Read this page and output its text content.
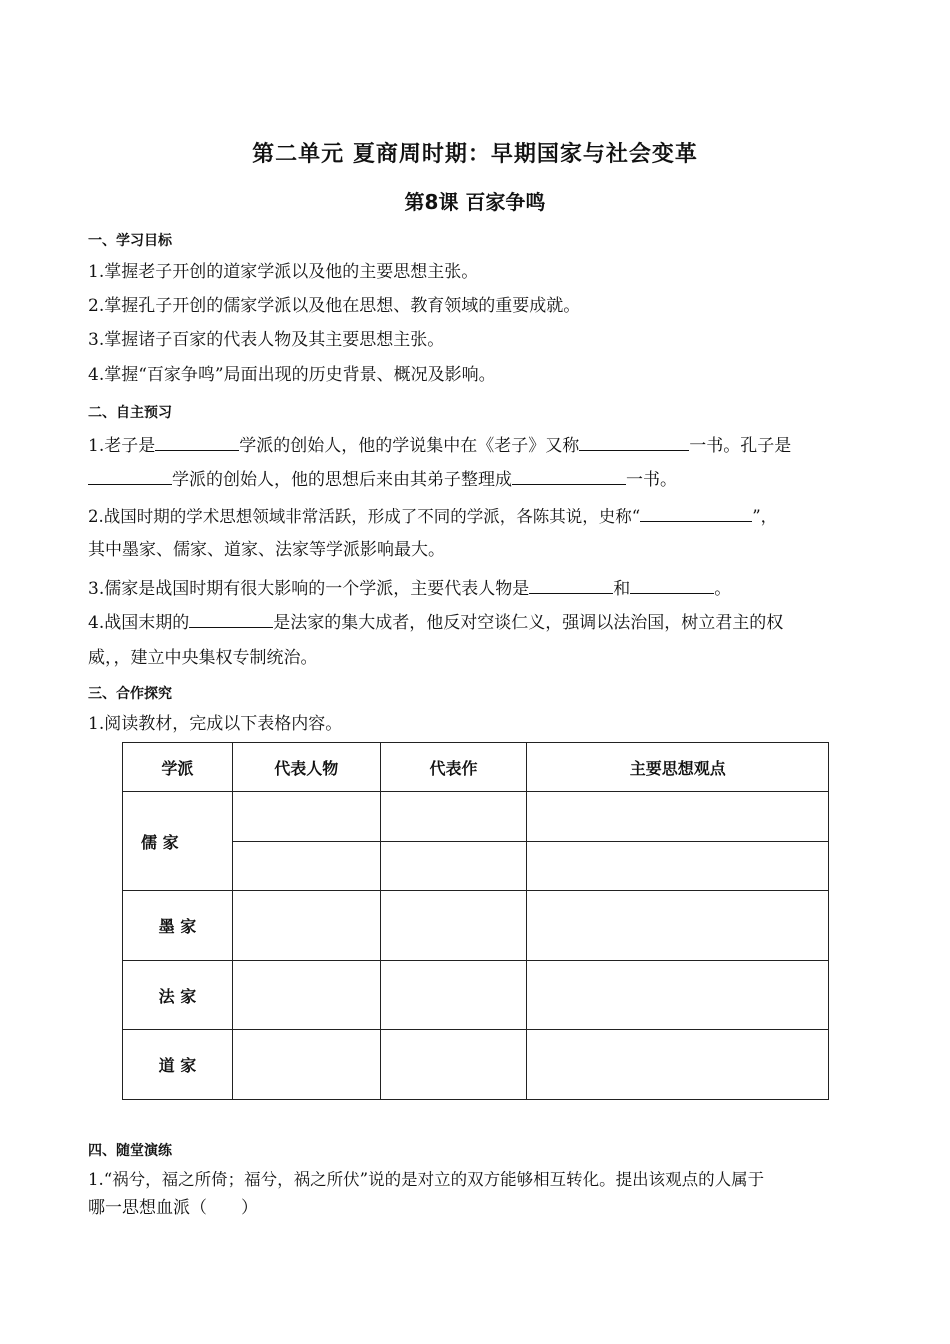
第二单元 夏商周时期：早期国家与社会变革
第8课 百家争鸣
一、学习目标
1.掌握老子开创的道家学派以及他的主要思想主张。
2.掌握孔子开创的儒家学派以及他在思想、教育领域的重要成就。
3.掌握诸子百家的代表人物及其主要思想主张。
4.掌握“百家争鸣”局面出现的历史背景、概况及影响。
二、自主预习
1.老子是	学派的创始人，他的学说集中在《老子》又称	一书。孔子是
学派的创始人，他的思想后来由其弟子整理成	一书。
2.战国时期的学术思想领域非常活跃，形成了不同的学派，各陈其说，史称“	”，
其中墨家、儒家、道家、法家等学派影响最大。
3.儒家是战国时期有很大影响的一个学派，主要代表人物是	和	。
4.战国末期的	是法家的集大成者，他反对空谈仁义，强调以法治国，树立君主的权
威，，建立中央集权专制统治。
三、合作探究
1.阅读教材，完成以下表格内容。
学派	代表人物	代表作	主要思想观点
儒 家			

墨 家			
法 家			
道 家			
四、随堂演练
1.“祸兮，福之所倚；福兮，祸之所伏”说的是对立的双方能够相互转化。提出该观点的人属于
哪一思想血派（　　）
